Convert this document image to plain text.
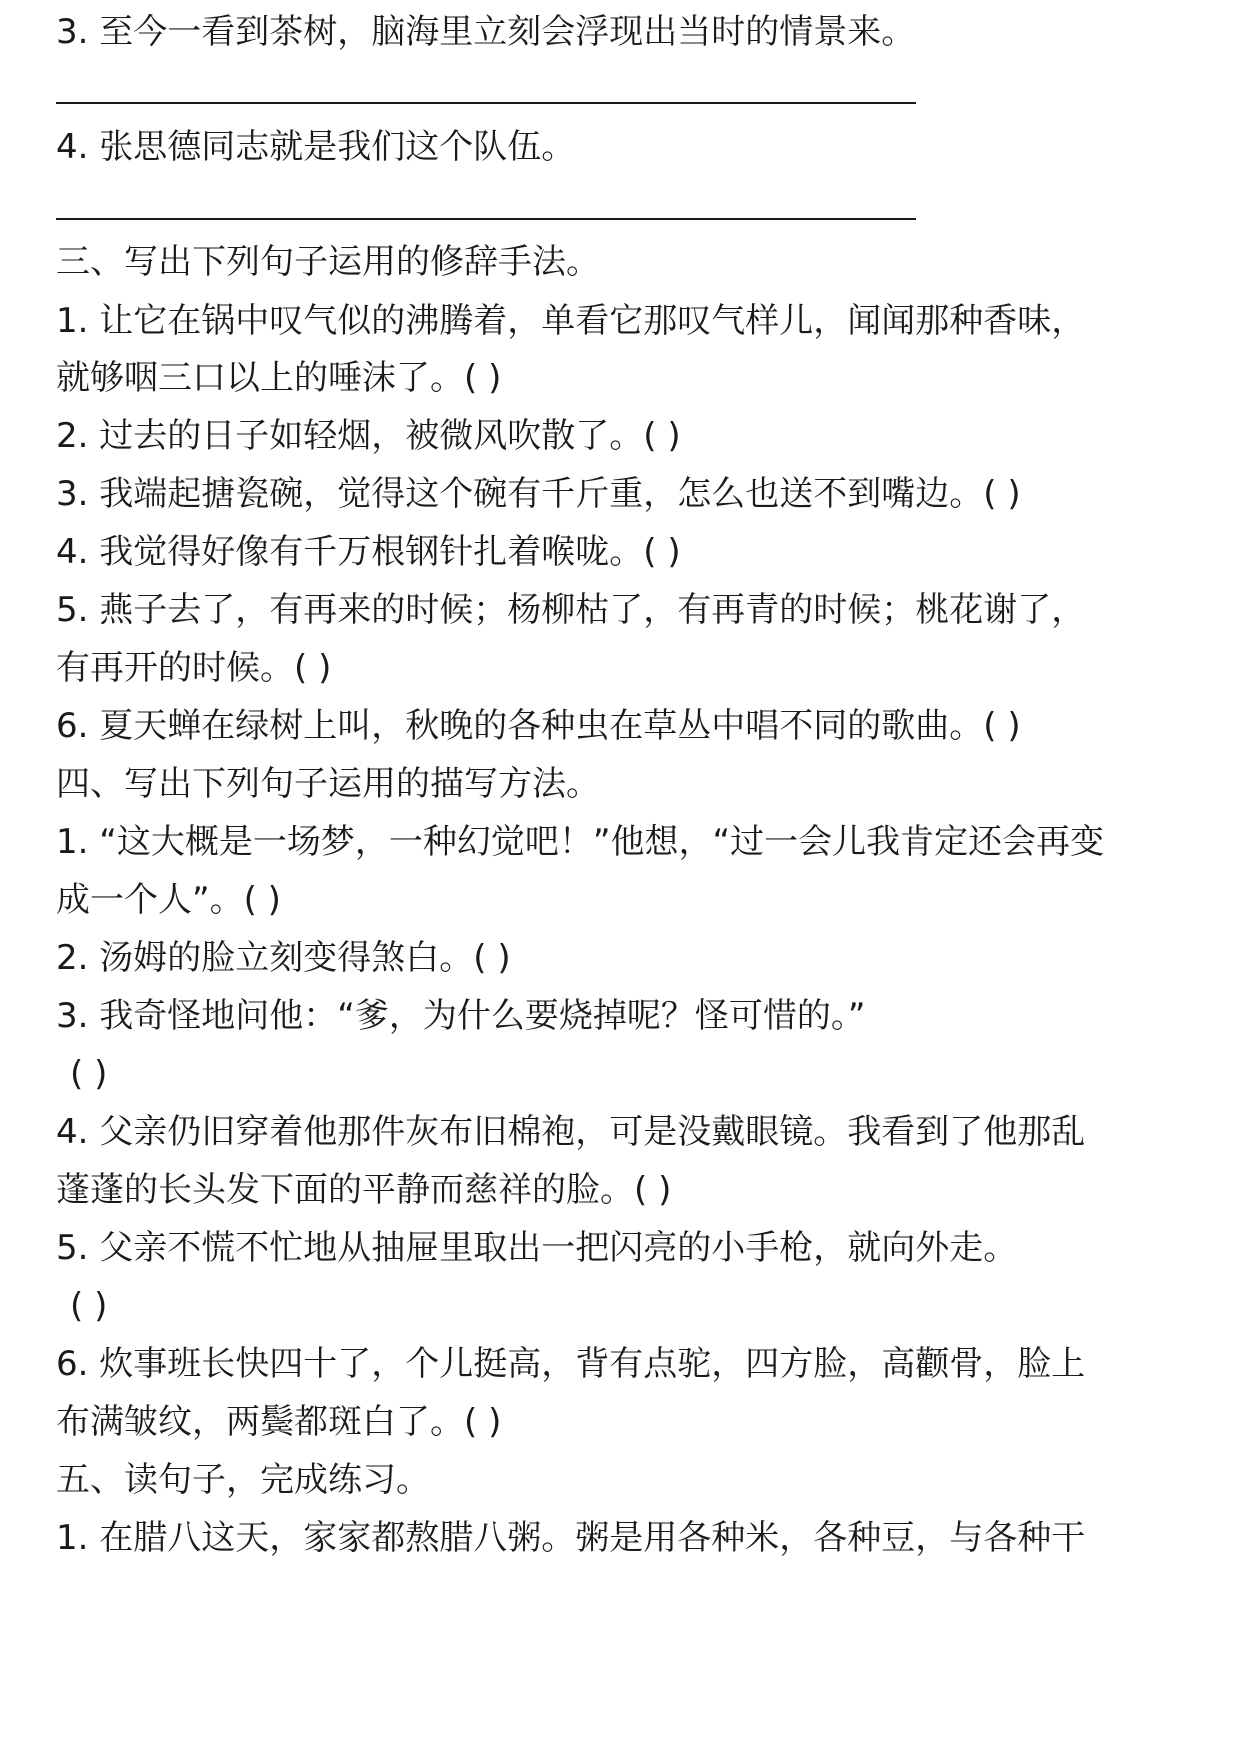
3. 至今一看到茶树，脑海里立刻会浮现出当时的情景来。
4. 张思德同志就是我们这个队伍。
三、写出下列句子运用的修辞手法。
1. 让它在锅中叹气似的沸腾着，单看它那叹气样儿，闻闻那种香味，
就够咽三口以上的唾沫了。( )
2. 过去的日子如轻烟，被微风吹散了。( )
3. 我端起搪瓷碗，觉得这个碗有千斤重，怎么也送不到嘴边。( )
4. 我觉得好像有千万根钢针扎着喉咙。( )
5. 燕子去了，有再来的时候；杨柳枯了，有再青的时候；桃花谢了，
有再开的时候。( )
6. 夏天蝉在绿树上叫，秋晚的各种虫在草丛中唱不同的歌曲。( )
四、写出下列句子运用的描写方法。
1. “这大概是一场梦，一种幻觉吧！”他想，“过一会儿我肯定还会再变
成一个人”。( )
2. 汤姆的脸立刻变得煞白。( )
3. 我奇怪地问他：“爹，为什么要烧掉呢？怪可惜的。”
( )
4. 父亲仍旧穿着他那件灰布旧棉袍，可是没戴眼镜。我看到了他那乱
蓬蓬的长头发下面的平静而慈祥的脸。( )
5. 父亲不慌不忙地从抽屉里取出一把闪亮的小手枪，就向外走。
( )
6. 炊事班长快四十了，个儿挺高，背有点驼，四方脸，高颧骨，脸上
布满皱纹，两鬓都斑白了。( )
五、读句子，完成练习。
1. 在腊八这天，家家都熬腊八粥。粥是用各种米，各种豆，与各种干
